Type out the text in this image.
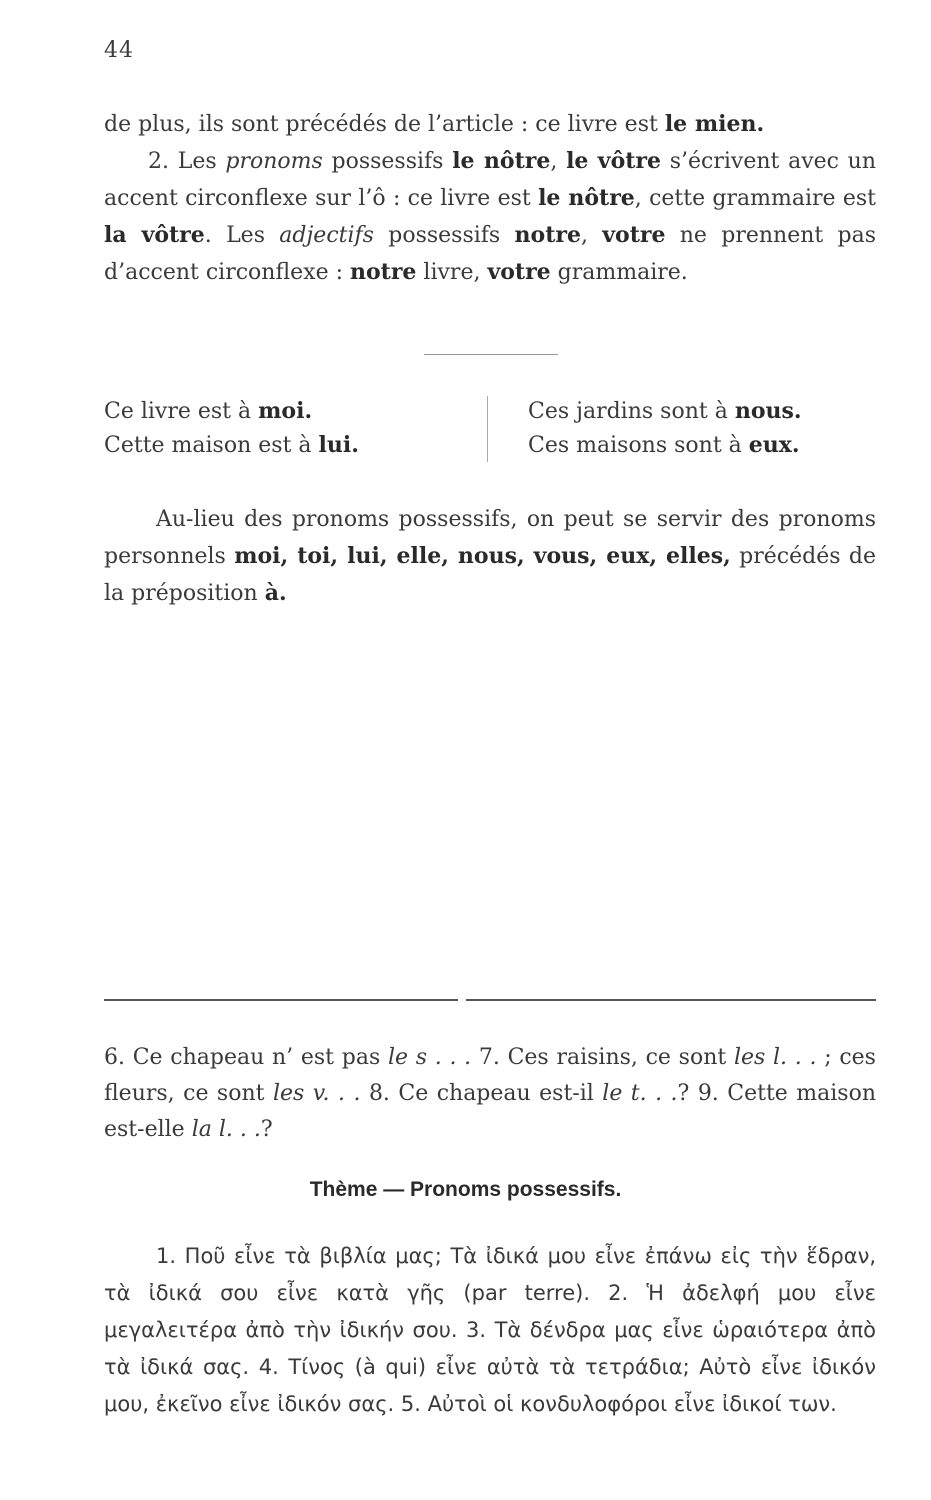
44
de plus, ils sont précédés de l’article : ce livre est le mien.
  2. Les pronoms possessifs le nôtre, le vôtre s’écrivent avec un accent circonflexe sur l’ô : ce livre est le nôtre, cette grammaire est la vôtre. Les adjectifs possessifs notre, votre ne prennent pas d’accent circonflexe : notre livre, votre grammaire.
Ce livre est à moi.
Cette maison est à lui.
Ces jardins sont à nous.
Ces maisons sont à eux.
Au-lieu des pronoms possessifs, on peut se servir des pronoms personnels moi, toi, lui, elle, nous, vous, eux, elles, précédés de la préposition à.
6. Ce chapeau n’ est pas le s . . . 7. Ces raisins, ce sont les l. . . ; ces fleurs, ce sont les v. . . 8. Ce chapeau est-il le t. . .? 9. Cette maison est-elle la l. . .?
Thème — Pronoms possessifs.
1. Ποῦ εἶνε τὰ βιβλία μας; Τὰ ἰδικά μου εἶνε ἐπάνω εἰς τὴν ἕδραν, τὰ ἰδικά σου εἶνε κατὰ γῆς (par terre). 2. Ἡ ἀδελφή μου εἶνε μεγαλειτέρα ἀπὸ τὴν ἰδικήν σου. 3. Τὰ δένδρα μας εἶνε ὡραιότερα ἀπὸ τὰ ἰδικά σας. 4. Τίνος (à qui) εἶνε αὐτὰ τὰ τετράδια; Αὐτὸ εἶνε ἰδικόν μου, ἐκεῖνο εἶνε ἰδικόν σας. 5. Αὐτοὶ οἱ κονδυλοφόροι εἶνε ἰδικοί των.
